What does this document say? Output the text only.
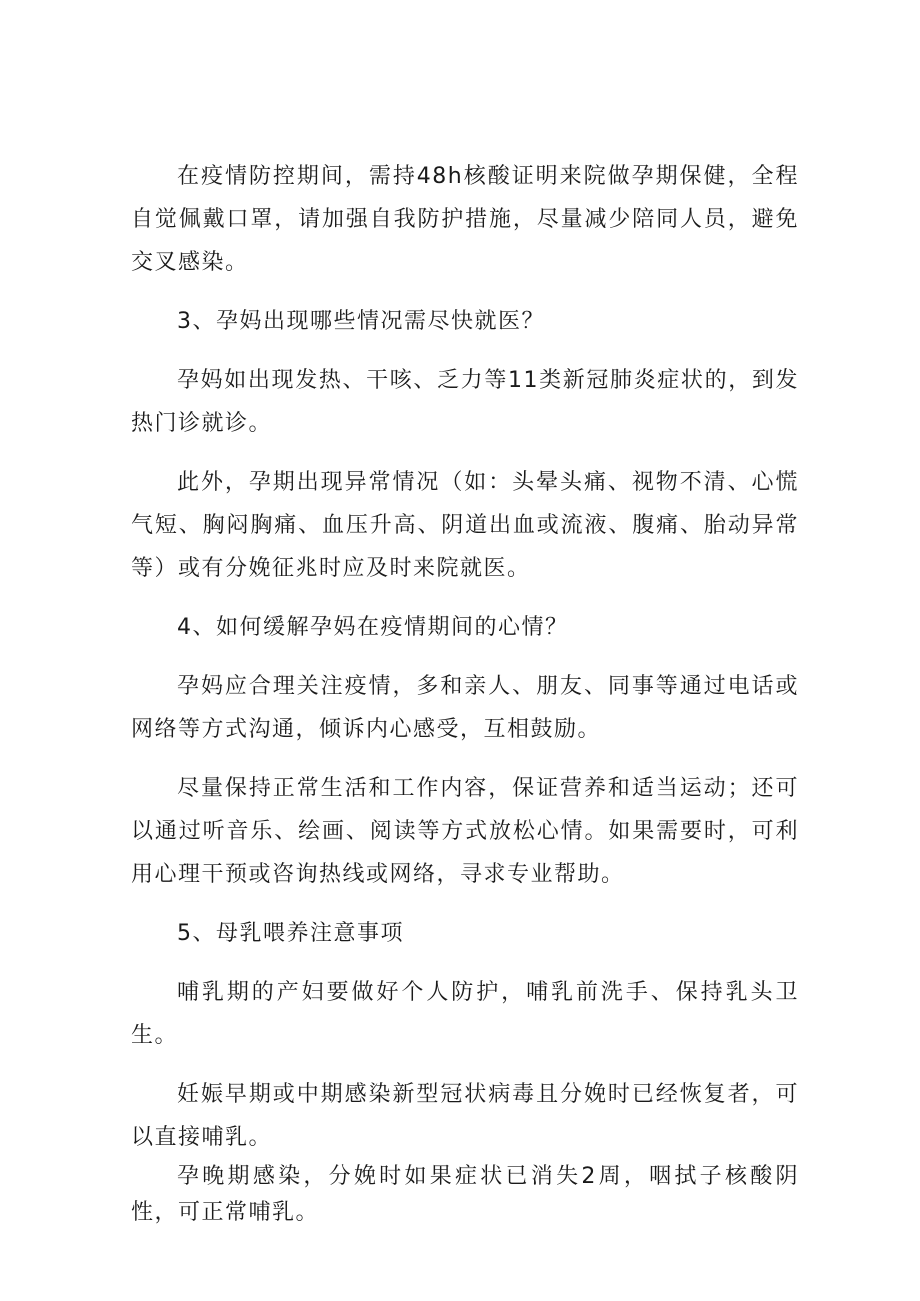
在疫情防控期间，需持48h核酸证明来院做孕期保健，全程自觉佩戴口罩，请加强自我防护措施，尽量减少陪同人员，避免交叉感染。

3、孕妈出现哪些情况需尽快就医？

孕妈如出现发热、干咳、乏力等11类新冠肺炎症状的，到发热门诊就诊。

此外，孕期出现异常情况（如：头晕头痛、视物不清、心慌气短、胸闷胸痛、血压升高、阴道出血或流液、腹痛、胎动异常等）或有分娩征兆时应及时来院就医。

4、如何缓解孕妈在疫情期间的心情？

孕妈应合理关注疫情，多和亲人、朋友、同事等通过电话或网络等方式沟通，倾诉内心感受，互相鼓励。

尽量保持正常生活和工作内容，保证营养和适当运动；还可以通过听音乐、绘画、阅读等方式放松心情。如果需要时，可利用心理干预或咨询热线或网络，寻求专业帮助。

5、母乳喂养注意事项

哺乳期的产妇要做好个人防护，哺乳前洗手、保持乳头卫生。

妊娠早期或中期感染新型冠状病毒且分娩时已经恢复者，可以直接哺乳。

孕晚期感染，分娩时如果症状已消失2周，咽拭子核酸阴性，可正常哺乳。
